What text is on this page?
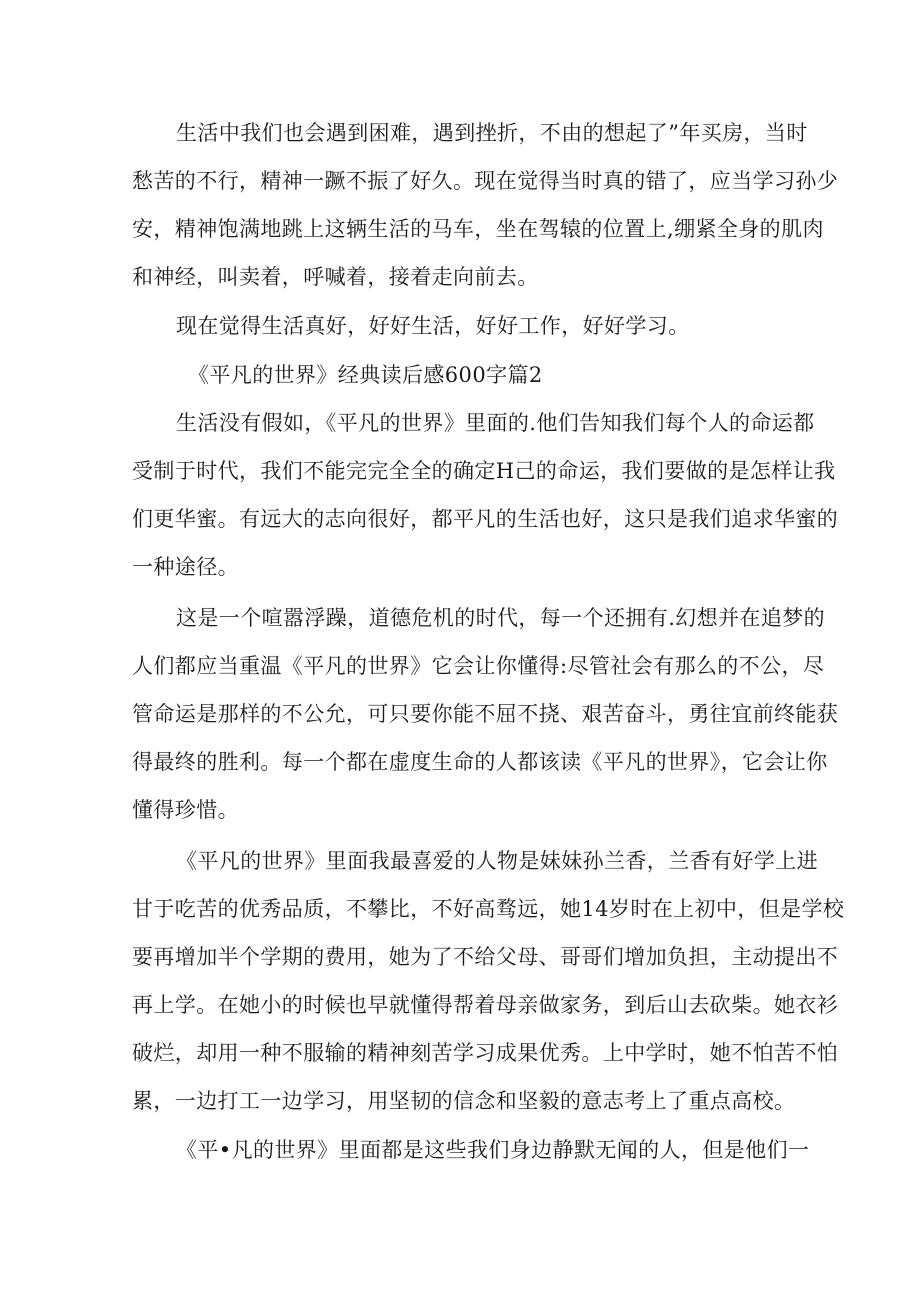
生活中我们也会遇到困难，遇到挫折，不由的想起了”年买房，当时

愁苦的不行，精神一蹶不振了好久。现在觉得当时真的错了，应当学习孙少

安，精神饱满地跳上这辆生活的马车，坐在驾辕的位置上,绷紧全身的肌肉

和神经，叫卖着，呼喊着，接着走向前去。

现在觉得生活真好，好好生活，好好工作，好好学习。

《平凡的世界》经典读后感600字篇2

生活没有假如，《平凡的世界》里面的.他们告知我们每个人的命运都

受制于时代，我们不能完完全全的确定H己的命运，我们要做的是怎样让我

们更华蜜。有远大的志向很好，都平凡的生活也好，这只是我们追求华蜜的

一种途径。

这是一个喧嚣浮躁，道德危机的时代，每一个还拥有.幻想并在追梦的

人们都应当重温《平凡的世界》它会让你懂得:尽管社会有那么的不公，尽

管命运是那样的不公允，可只要你能不屈不挠、艰苦奋斗，勇往宜前终能获

得最终的胜利。每一个都在虚度生命的人都该读《平凡的世界》，它会让你

懂得珍惜。

《平凡的世界》里面我最喜爱的人物是妹妹孙兰香，兰香有好学上进

甘于吃苦的优秀品质，不攀比，不好高骛远，她14岁时在上初中，但是学校

要再增加半个学期的费用，她为了不给父母、哥哥们增加负担，主动提出不

再上学。在她小的时候也早就懂得帮着母亲做家务，到后山去砍柴。她衣衫

破烂，却用一种不服输的精神刻苦学习成果优秀。上中学时，她不怕苦不怕

累，一边打工一边学习，用坚韧的信念和坚毅的意志考上了重点高校。

《平•凡的世界》里面都是这些我们身边静默无闻的人，但是他们一
